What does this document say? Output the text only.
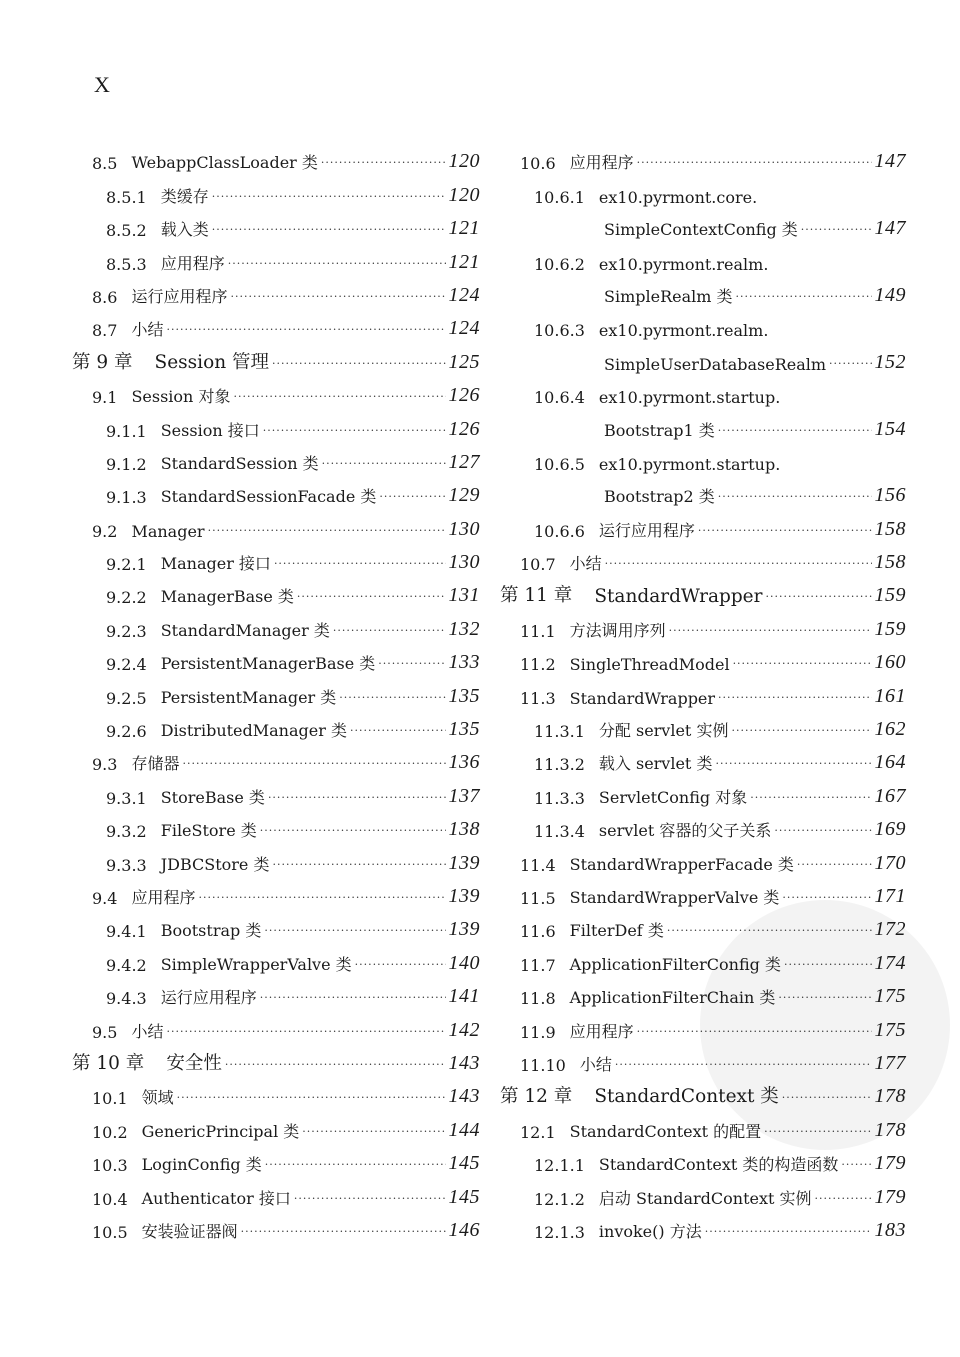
X
8.5 WebappClassLoader 类 ·····	120
8.5.1 类缓存 ·····	120
8.5.2 载入类 ·····	121
8.5.3 应用程序 ·····	121
8.6 运行应用程序 ·····	124
8.7 小结 ·····	124
第 9 章 Session 管理 ·····	125
9.1 Session 对象 ·····	126
9.1.1 Session 接口 ·····	126
9.1.2 StandardSession 类 ·····	127
9.1.3 StandardSessionFacade 类 ·····	129
9.2 Manager ·····	130
9.2.1 Manager 接口 ·····	130
9.2.2 ManagerBase 类 ·····	131
9.2.3 StandardManager 类 ·····	132
9.2.4 PersistentManagerBase 类 ·····	133
9.2.5 PersistentManager 类 ·····	135
9.2.6 DistributedManager 类 ·····	135
9.3 存储器 ·····	136
9.3.1 StoreBase 类 ·····	137
9.3.2 FileStore 类 ·····	138
9.3.3 JDBCStore 类 ·····	139
9.4 应用程序 ·····	139
9.4.1 Bootstrap 类 ·····	139
9.4.2 SimpleWrapperValve 类 ·····	140
9.4.3 运行应用程序 ·····	141
9.5 小结 ·····	142
第 10 章 安全性 ·····	143
10.1 领域 ·····	143
10.2 GenericPrincipal 类 ·····	144
10.3 LoginConfig 类 ·····	145
10.4 Authenticator 接口 ·····	145
10.5 安装验证器阀 ·····	146
10.6 应用程序 ·····	147
10.6.1 ex10.pyrmont.core.
SimpleContextConfig 类 ·····	147
10.6.2 ex10.pyrmont.realm.
SimpleRealm 类 ·····	149
10.6.3 ex10.pyrmont.realm.
SimpleUserDatabaseRealm ····· 152
10.6.4 ex10.pyrmont.startup.
Bootstrap1 类 ·····	154
10.6.5 ex10.pyrmont.startup.
Bootstrap2 类 ·····	156
10.6.6 运行应用程序 ·····	158
10.7 小结 ·····	158
第 11 章 StandardWrapper ·····	159
11.1 方法调用序列 ·····	159
11.2 SingleThreadModel ·····	160
11.3 StandardWrapper ·····	161
11.3.1 分配 servlet 实例 ·····	162
11.3.2 载入 servlet 类 ·····	164
11.3.3 ServletConfig 对象 ·····	167
11.3.4 servlet 容器的父子关系 ·····	169
11.4 StandardWrapperFacade 类 ·····	170
11.5 StandardWrapperValve 类 ·····	171
11.6 FilterDef 类 ·····	172
11.7 ApplicationFilterConfig 类 ·····	174
11.8 ApplicationFilterChain 类 ·····	175
11.9 应用程序 ·····	175
11.10 小结 ·····	177
第 12 章 StandardContext 类 ·····	178
12.1 StandardContext 的配置 ·····	178
12.1.1 StandardContext 类的构造函数 ····· 179
12.1.2 启动 StandardContext 实例 ·····	179
12.1.3 invoke() 方法 ·····	183
